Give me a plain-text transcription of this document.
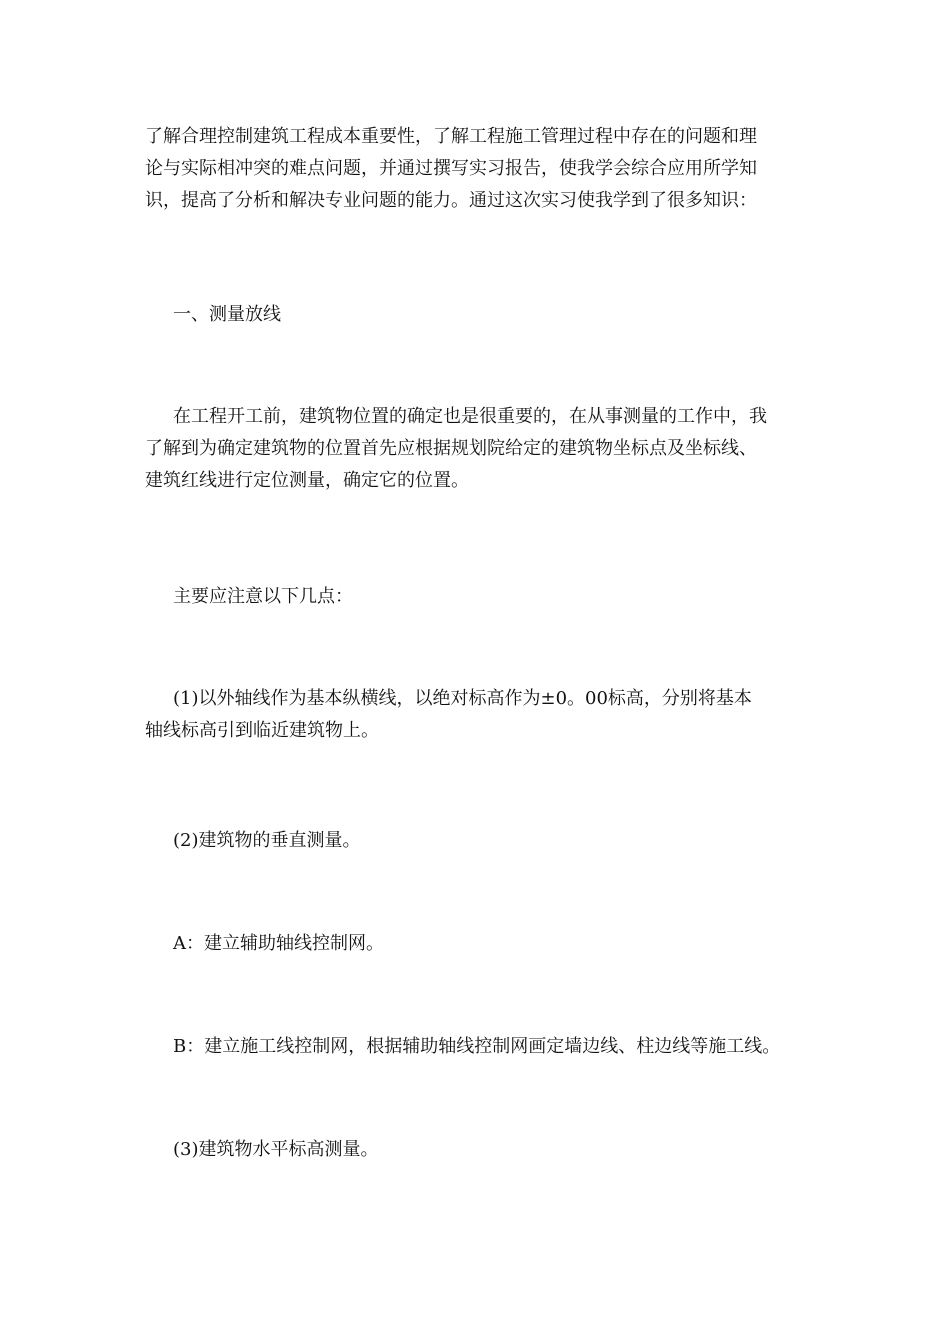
了解合理控制建筑工程成本重要性，了解工程施工管理过程中存在的问题和理
论与实际相冲突的难点问题，并通过撰写实习报告，使我学会综合应用所学知
识，提高了分析和解决专业问题的能力。通过这次实习使我学到了很多知识：

一、测量放线

在工程开工前，建筑物位置的确定也是很重要的，在从事测量的工作中，我
了解到为确定建筑物的位置首先应根据规划院给定的建筑物坐标点及坐标线、
建筑红线进行定位测量，确定它的位置。

主要应注意以下几点：

(1)以外轴线作为基本纵横线，以绝对标高作为±0。00标高，分别将基本
轴线标高引到临近建筑物上。

(2)建筑物的垂直测量。

A：建立辅助轴线控制网。

B：建立施工线控制网，根据辅助轴线控制网画定墙边线、柱边线等施工线。

(3)建筑物水平标高测量。
